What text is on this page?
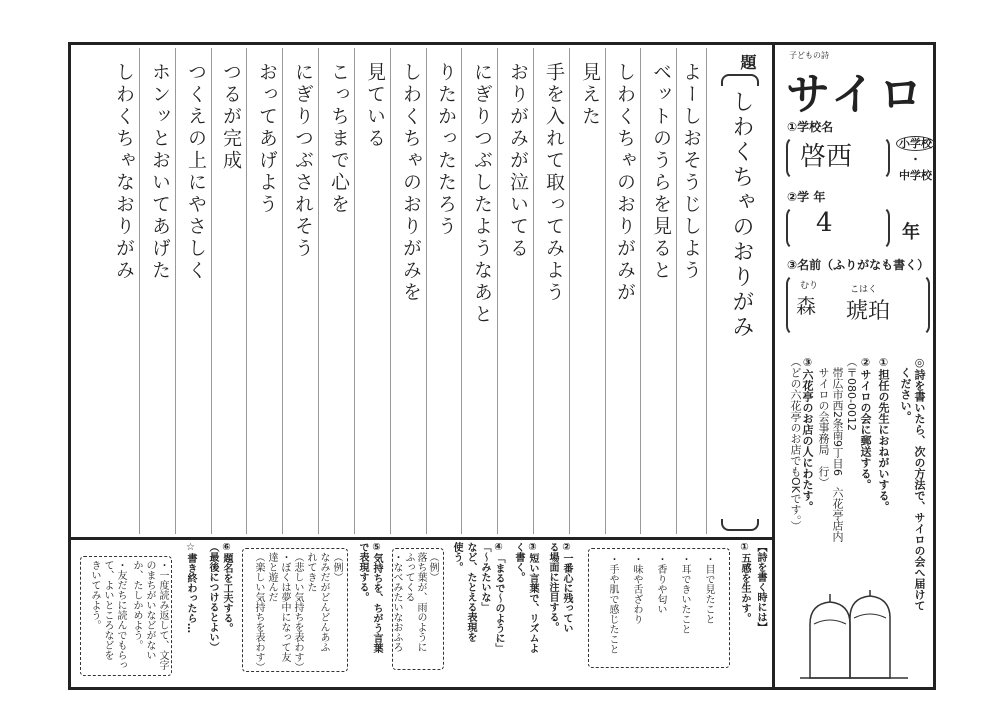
題
しわくちゃのおりがみ
よーしおそうじしよう
ベットのうらを見ると
しわくちゃのおりがみが
見えた
手を入れて取ってみよう
おりがみが泣いてる
にぎりつぶしたようなあと
りたかったたろう
しわくちゃのおりがみを
見ている
こっちまで心を
にぎりつぶされそう
おってあげよう
つるが完成
つくえの上にやさしく
ホンッとおいてあげた
しわくちゃなおりがみ
子どもの詩
サイロ
①学校名
啓西	小学校
・
中学校
②学 年
4	年
③名前（ふりがなも書く）
むり	こはく
森 琥珀
◎詩を書いたら、次の方法で、サイロの会へ届けて
　ください。
①担任の先生におねがいする。
②サイロの会に郵送する。
（〒080-0012
　帯広市西2条南9丁目6　六花亭店内
　サイロの会事務局　行）
③六花亭のお店の人にわたす。
（どの六花亭のお店でもOKです。）
【詩を書く時には】
①五感を生かす。
・目で見たこと
・耳できいたこと
・香りや匂い
・味や舌ざわり
・手や肌で感じたこと
②一番心に残ってい
る場面に注目する。
③短い言葉で、リズムよ
く書く。
④「まるで〜のように」
「〜みたいな」
など、たとえる表現を
使う。
（例）
落ち葉が、雨のように
ふってくる
・なべみたいなおふろ
⑤気持ちを、ちがう言葉
で表現する。
（例）
なみだがどんどんあふ
れてきた
（悲しい気持ちを表わす）
・ぼくは夢中になって友
達と遊んだ
（楽しい気持ちを表わす）
⑥題名を工夫する。
（最後につけるとよい）
☆書き終わったら…
・一度読み返して、文字
のまちがいなどがない
か、たしかめよう。
・友だちに読んでもらっ
て、よいところなどを
きいてみよう。
